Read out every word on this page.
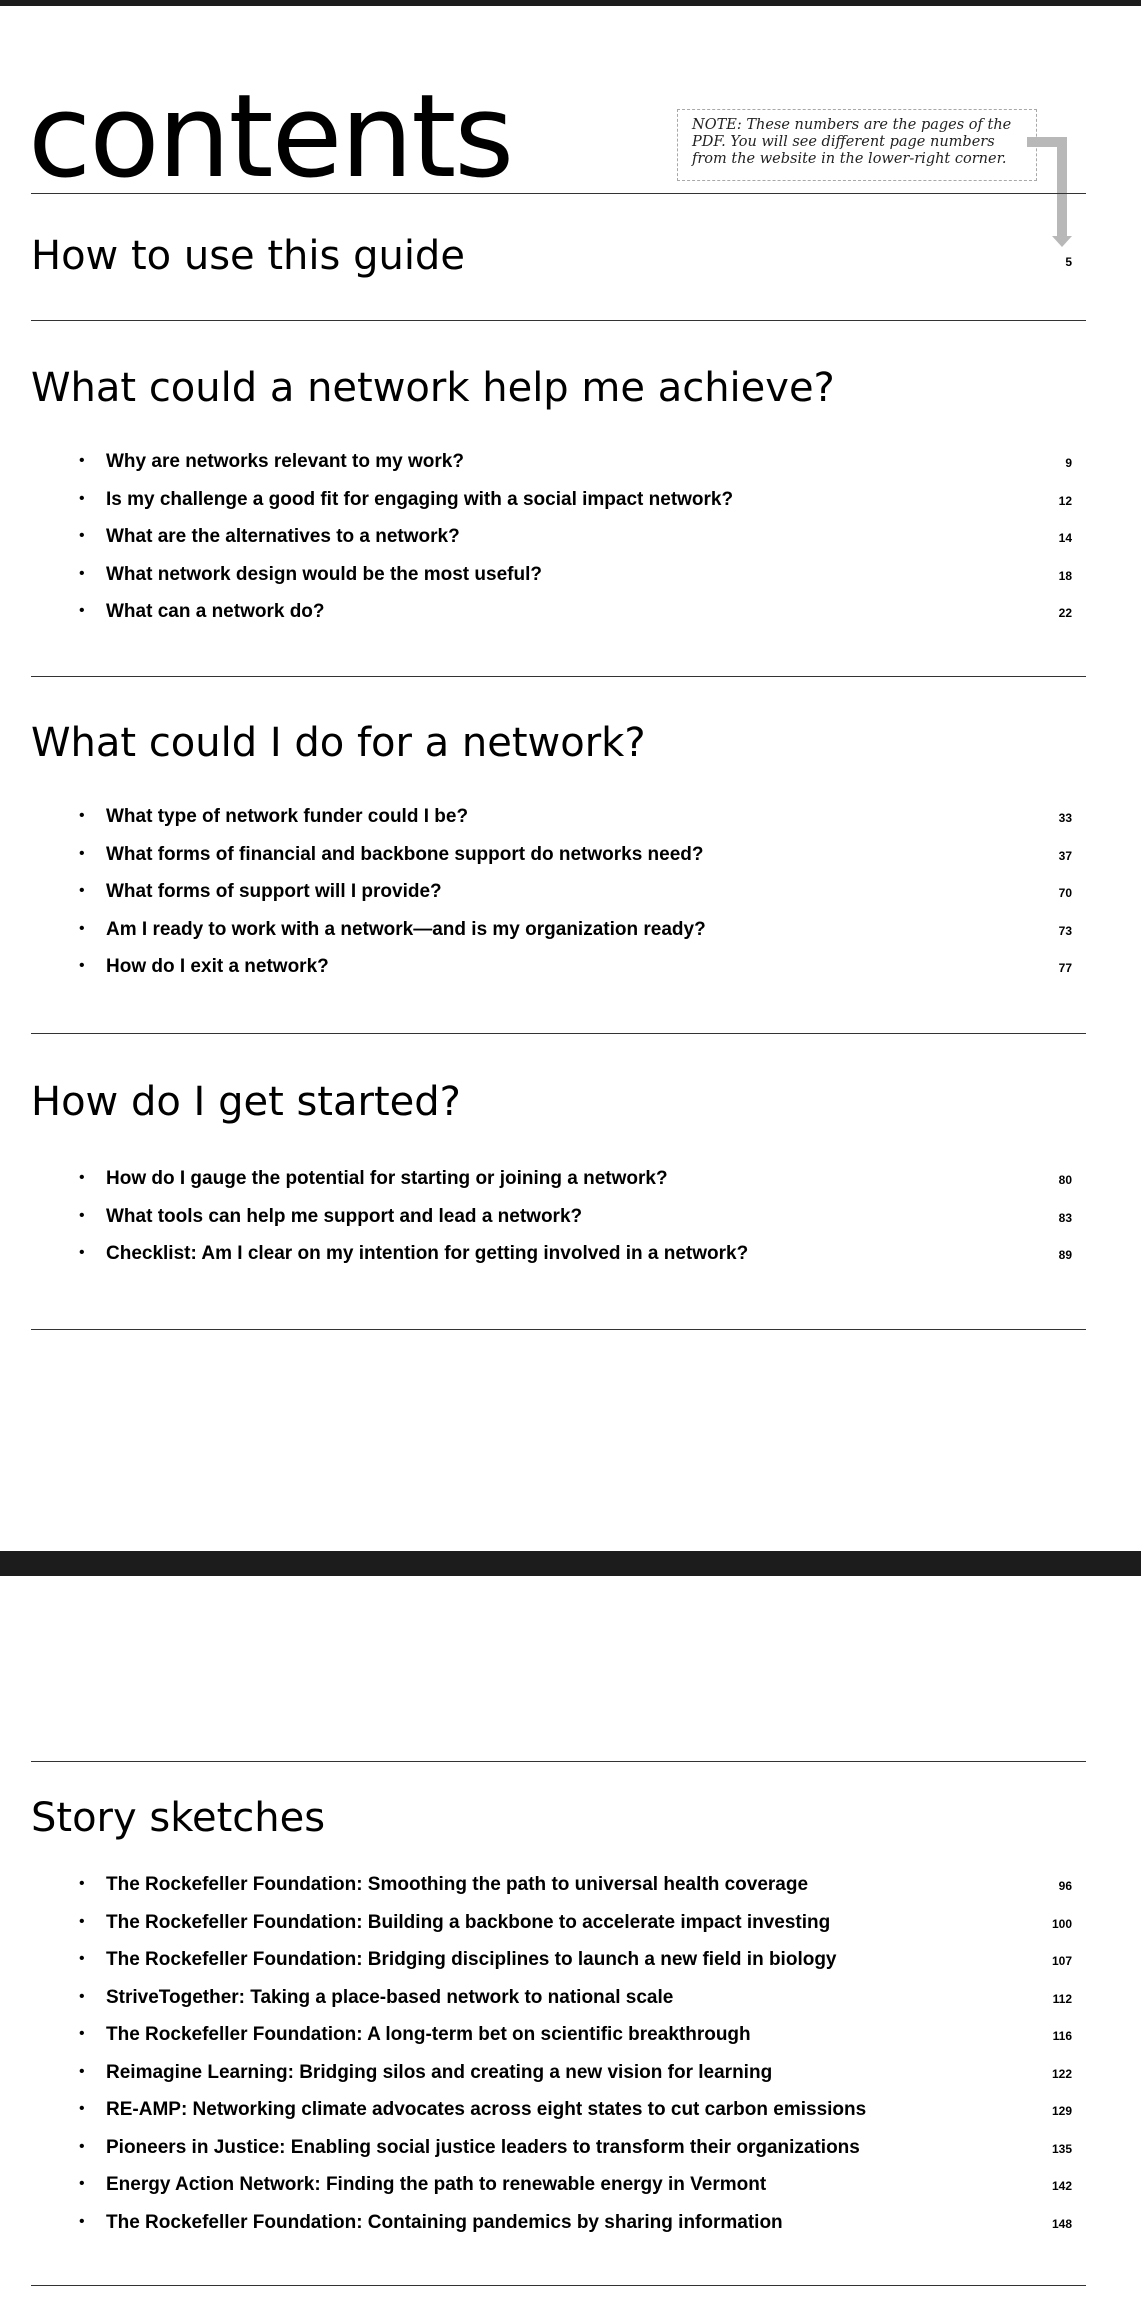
contents	NOTE: These numbers are the pages of the PDF. You will see different page numbers from the website in the lower-right corner.
How to use this guide	5
What could a network help me achieve?
• Why are networks relevant to my work?	9
• Is my challenge a good fit for engaging with a social impact network?	12
• What are the alternatives to a network?	14
• What network design would be the most useful?	18
• What can a network do?	22
What could I do for a network?
• What type of network funder could I be?	33
• What forms of financial and backbone support do networks need?	37
• What forms of support will I provide?	70
• Am I ready to work with a network—and is my organization ready?	73
• How do I exit a network?	77
How do I get started?
• How do I gauge the potential for starting or joining a network?	80
• What tools can help me support and lead a network?	83
• Checklist: Am I clear on my intention for getting involved in a network?	89
Story sketches
• The Rockefeller Foundation: Smoothing the path to universal health coverage	96
• The Rockefeller Foundation: Building a backbone to accelerate impact investing	100
• The Rockefeller Foundation: Bridging disciplines to launch a new field in biology	107
• StriveTogether: Taking a place-based network to national scale	112
• The Rockefeller Foundation: A long-term bet on scientific breakthrough	116
• Reimagine Learning: Bridging silos and creating a new vision for learning	122
• RE-AMP: Networking climate advocates across eight states to cut carbon emissions	129
• Pioneers in Justice: Enabling social justice leaders to transform their organizations	135
• Energy Action Network: Finding the path to renewable energy in Vermont	142
• The Rockefeller Foundation: Containing pandemics by sharing information	148
